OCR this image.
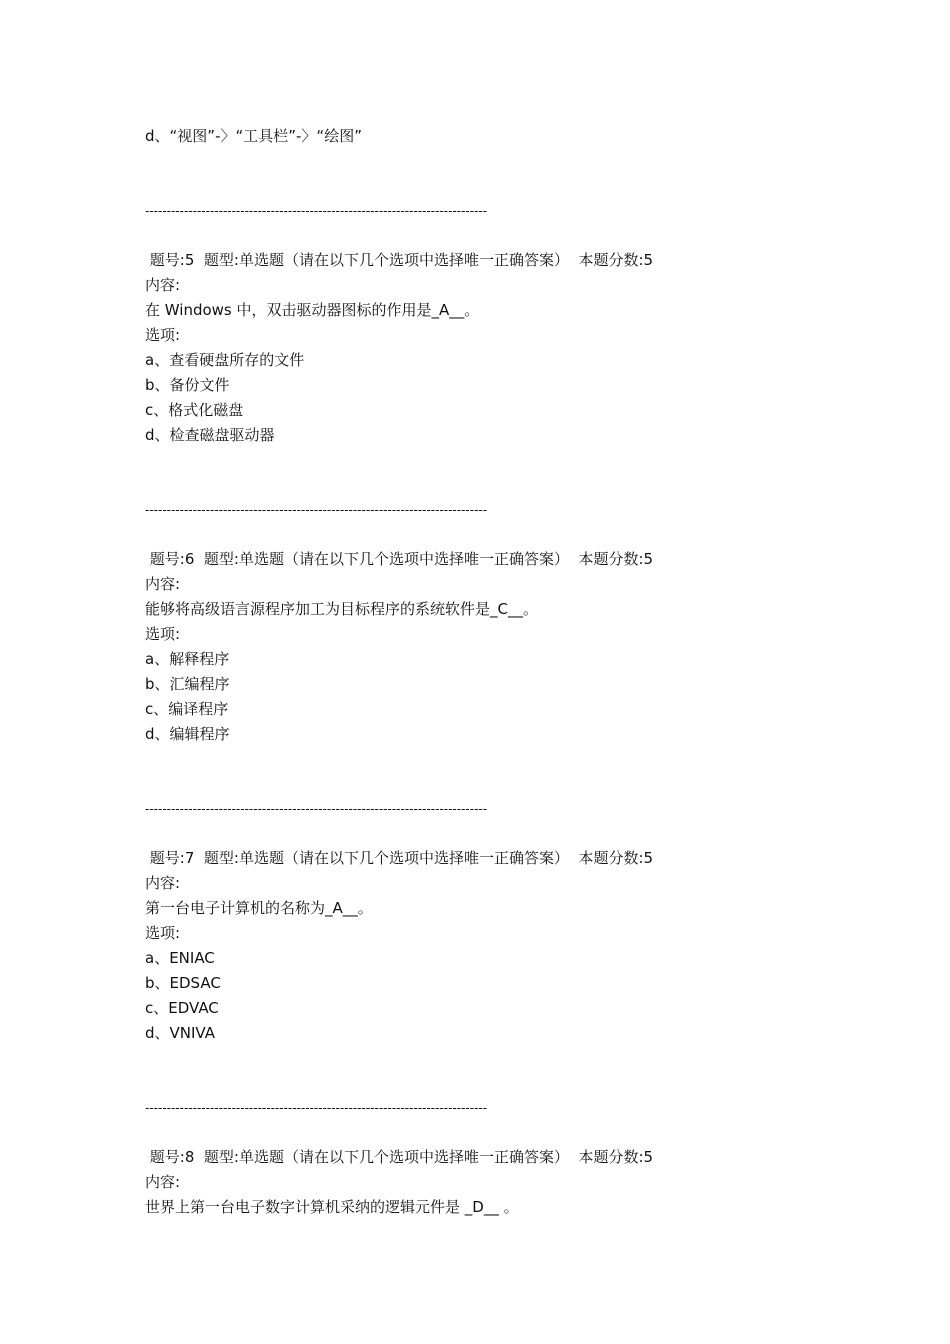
d、“视图”-〉“工具栏”-〉“绘图”
-------------------------------------------------------------------------------
题号:5  题型:单选题（请在以下几个选项中选择唯一正确答案）  本题分数:5
内容:
在 Windows 中，双击驱动器图标的作用是_A__。
选项:
a、查看硬盘所存的文件
b、备份文件
c、格式化磁盘
d、检查磁盘驱动器
-------------------------------------------------------------------------------
题号:6  题型:单选题（请在以下几个选项中选择唯一正确答案）  本题分数:5
内容:
能够将高级语言源程序加工为目标程序的系统软件是_C__。
选项:
a、解释程序
b、汇编程序
c、编译程序
d、编辑程序
-------------------------------------------------------------------------------
题号:7  题型:单选题（请在以下几个选项中选择唯一正确答案）  本题分数:5
内容:
第一台电子计算机的名称为_A__。
选项:
a、ENIAC
b、EDSAC
c、EDVAC
d、VNIVA
-------------------------------------------------------------------------------
题号:8  题型:单选题（请在以下几个选项中选择唯一正确答案）  本题分数:5
内容:
世界上第一台电子数字计算机采纳的逻辑元件是 _D__ 。
